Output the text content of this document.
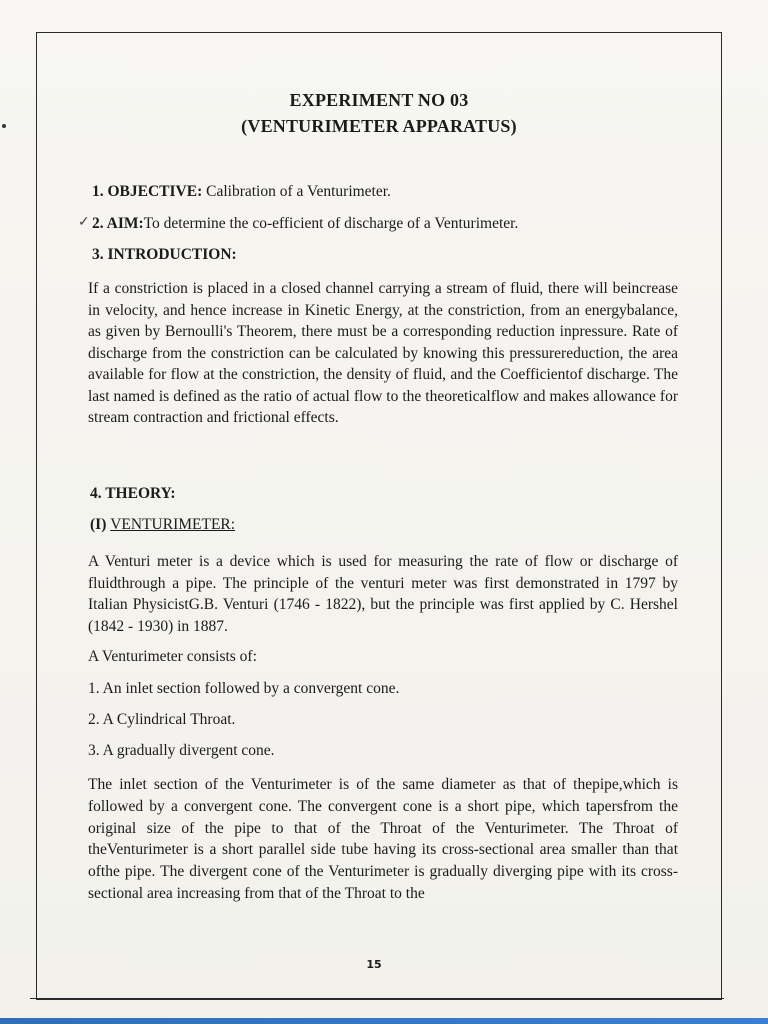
EXPERIMENT NO 03
(VENTURIMETER APPARATUS)
1. OBJECTIVE: Calibration of a Venturimeter.
✓ 2. AIM:To determine the co-efficient of discharge of a Venturimeter.
3. INTRODUCTION:
If a constriction is placed in a closed channel carrying a stream of fluid, there will beincrease in velocity, and hence increase in Kinetic Energy, at the constriction, from an energybalance, as given by Bernoulli's Theorem, there must be a corresponding reduction inpressure. Rate of discharge from the constriction can be calculated by knowing this pressurereduction, the area available for flow at the constriction, the density of fluid, and the Coefficientof discharge. The last named is defined as the ratio of actual flow to the theoreticalflow and makes allowance for stream contraction and frictional effects.
4. THEORY:
(I) VENTURIMETER:
A Venturi meter is a device which is used for measuring the rate of flow or discharge of fluidthrough a pipe. The principle of the venturi meter was first demonstrated in 1797 by Italian PhysicistG.B. Venturi (1746 - 1822), but the principle was first applied by C. Hershel (1842 - 1930) in 1887.
A Venturimeter consists of:
1. An inlet section followed by a convergent cone.
2. A Cylindrical Throat.
3. A gradually divergent cone.
The inlet section of the Venturimeter is of the same diameter as that of thepipe,which is followed by a convergent cone. The convergent cone is a short pipe, which tapersfrom the original size of the pipe to that of the Throat of the Venturimeter. The Throat of theVenturimeter is a short parallel side tube having its cross-sectional area smaller than that ofthe pipe. The divergent cone of the Venturimeter is gradually diverging pipe with its cross-sectional area increasing from that of the Throat to the
15
